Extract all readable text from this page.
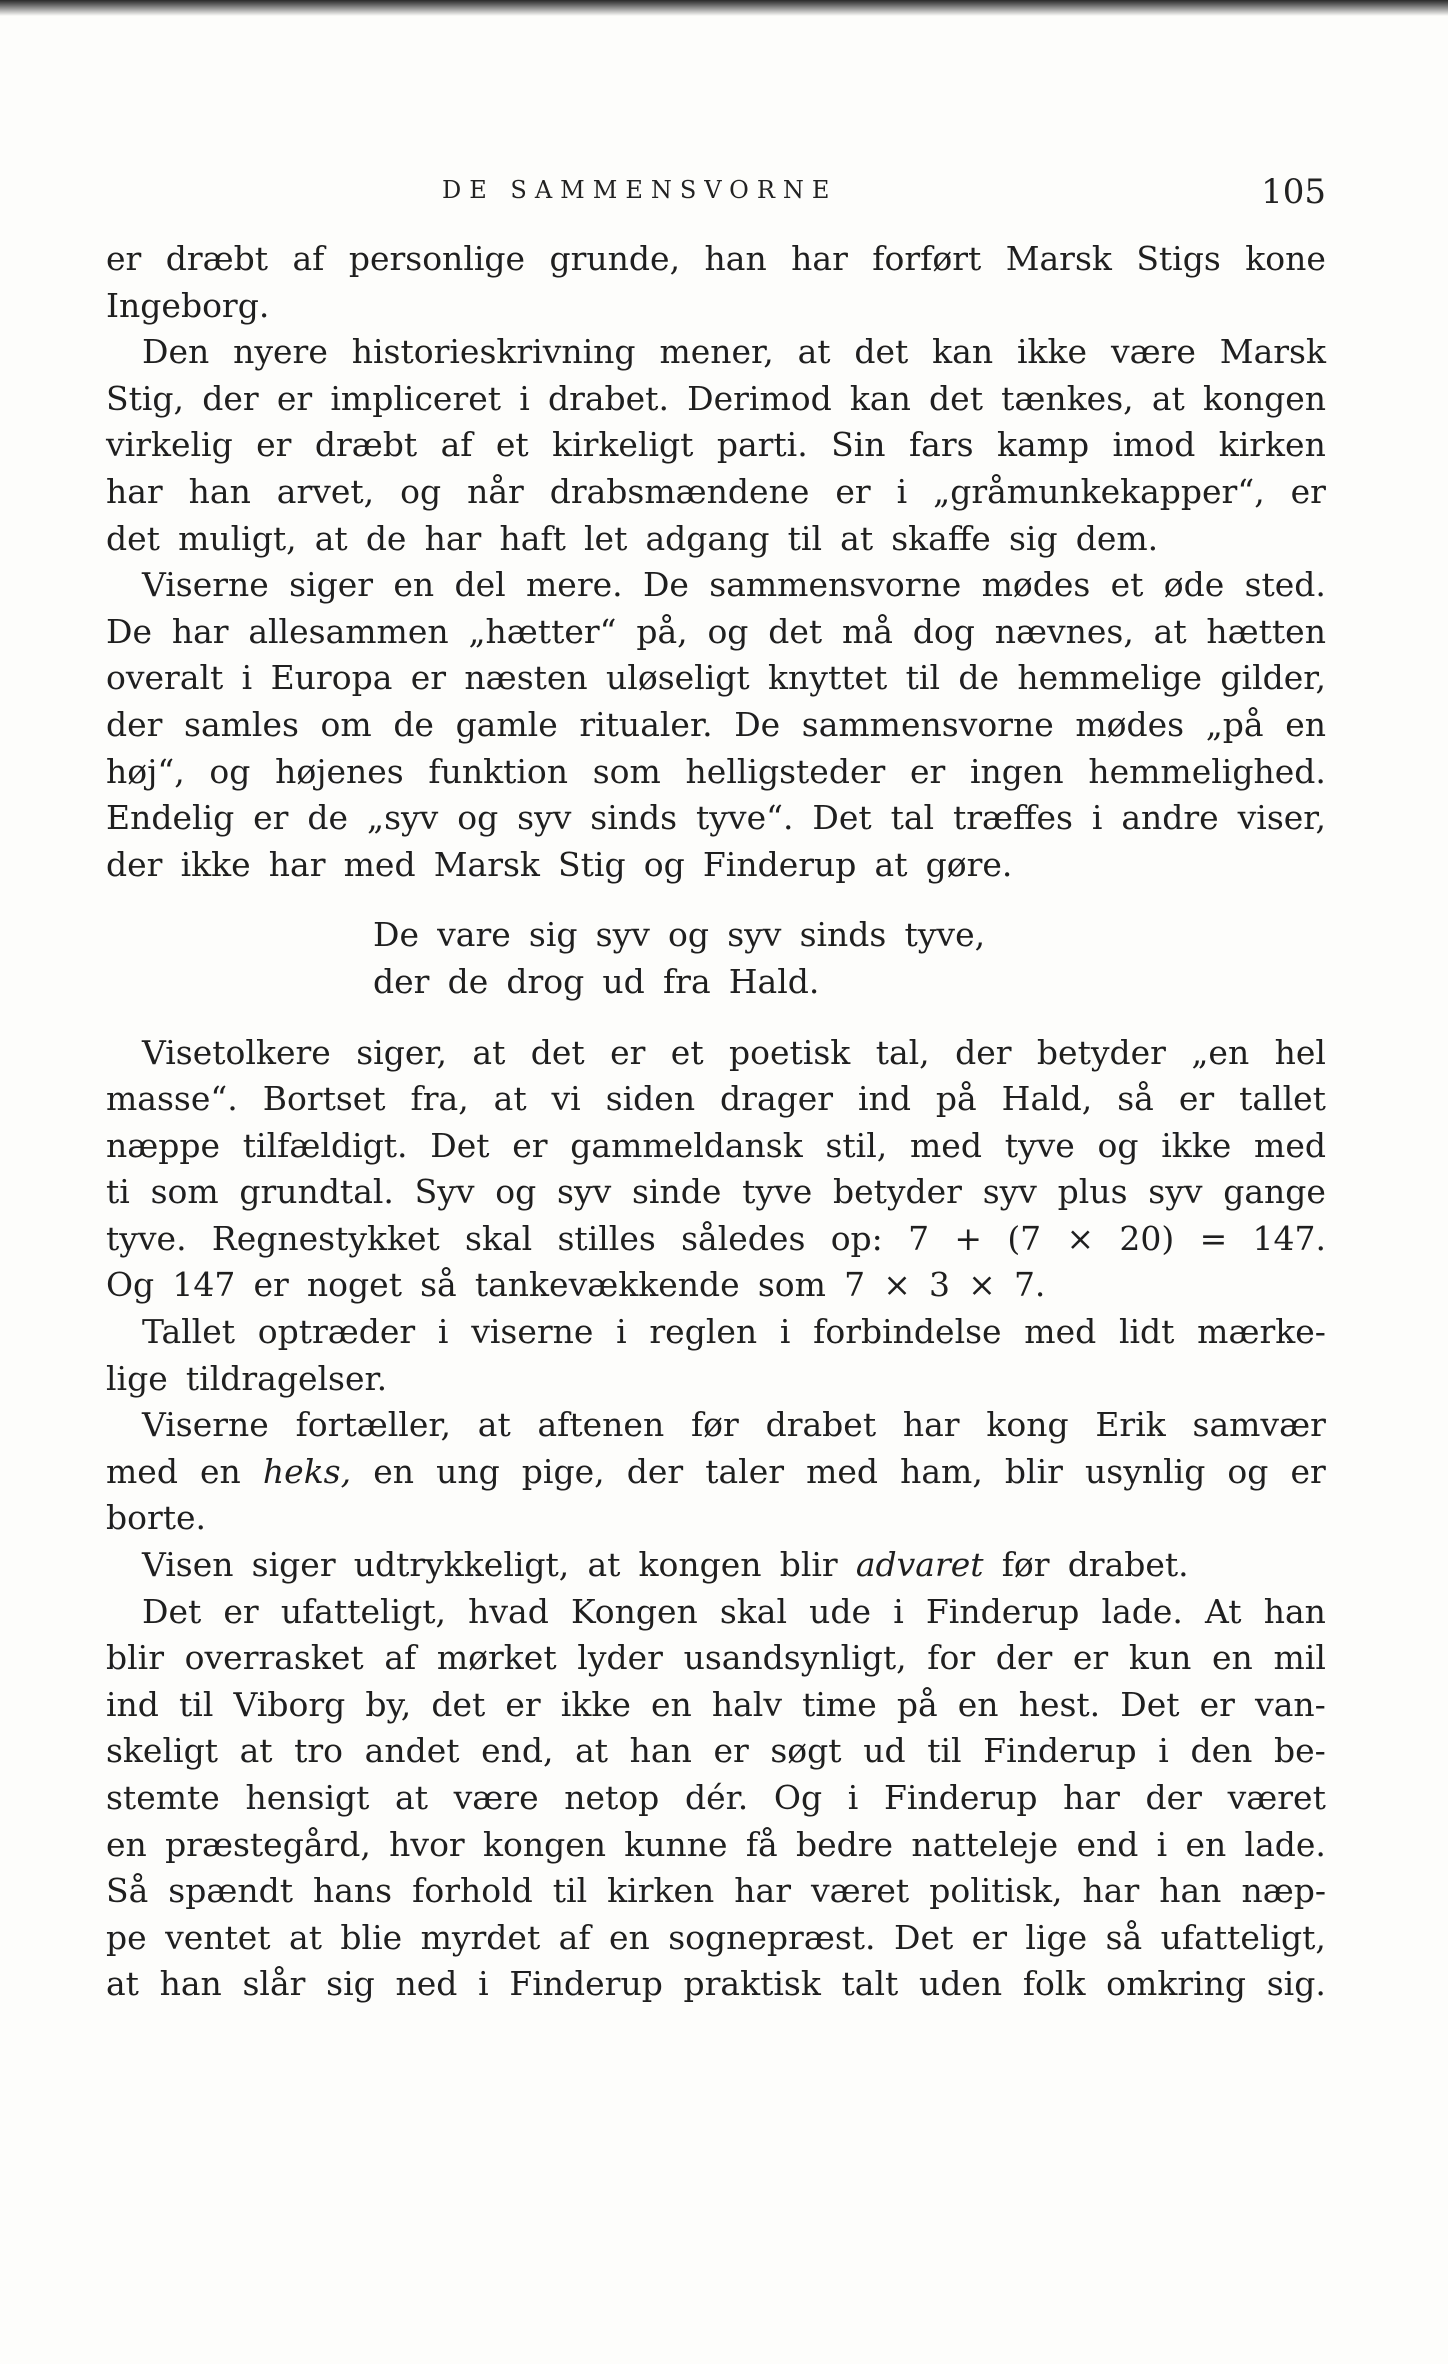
DE SAMMENSVORNE	105
er dræbt af personlige grunde, han har forført Marsk Stigs kone
Ingeborg.
Den nyere historieskrivning mener, at det kan ikke være Marsk
Stig, der er impliceret i drabet. Derimod kan det tænkes, at kongen
virkelig er dræbt af et kirkeligt parti. Sin fars kamp imod kirken
har han arvet, og når drabsmændene er i „gråmunkekapper“, er
det muligt, at de har haft let adgang til at skaffe sig dem.
Viserne siger en del mere. De sammensvorne mødes et øde sted.
De har allesammen „hætter“ på, og det må dog nævnes, at hætten
overalt i Europa er næsten uløseligt knyttet til de hemmelige gilder,
der samles om de gamle ritualer. De sammensvorne mødes „på en
høj“, og højenes funktion som helligsteder er ingen hemmelighed.
Endelig er de „syv og syv sinds tyve“. Det tal træffes i andre viser,
der ikke har med Marsk Stig og Finderup at gøre.
De vare sig syv og syv sinds tyve,
der de drog ud fra Hald.
Visetolkere siger, at det er et poetisk tal, der betyder „en hel
masse“. Bortset fra, at vi siden drager ind på Hald, så er tallet
næppe tilfældigt. Det er gammeldansk stil, med tyve og ikke med
ti som grundtal. Syv og syv sinde tyve betyder syv plus syv gange
tyve. Regnestykket skal stilles således op: 7 + (7 × 20) = 147.
Og 147 er noget så tankevækkende som 7 × 3 × 7.
Tallet optræder i viserne i reglen i forbindelse med lidt mærke-
lige tildragelser.
Viserne fortæller, at aftenen før drabet har kong Erik samvær
med en heks, en ung pige, der taler med ham, blir usynlig og er
borte.
Visen siger udtrykkeligt, at kongen blir advaret før drabet.
Det er ufatteligt, hvad Kongen skal ude i Finderup lade. At han
blir overrasket af mørket lyder usandsynligt, for der er kun en mil
ind til Viborg by, det er ikke en halv time på en hest. Det er van-
skeligt at tro andet end, at han er søgt ud til Finderup i den be-
stemte hensigt at være netop dér. Og i Finderup har der været
en præstegård, hvor kongen kunne få bedre natteleje end i en lade.
Så spændt hans forhold til kirken har været politisk, har han næp-
pe ventet at blie myrdet af en sognepræst. Det er lige så ufatteligt,
at han slår sig ned i Finderup praktisk talt uden folk omkring sig.
